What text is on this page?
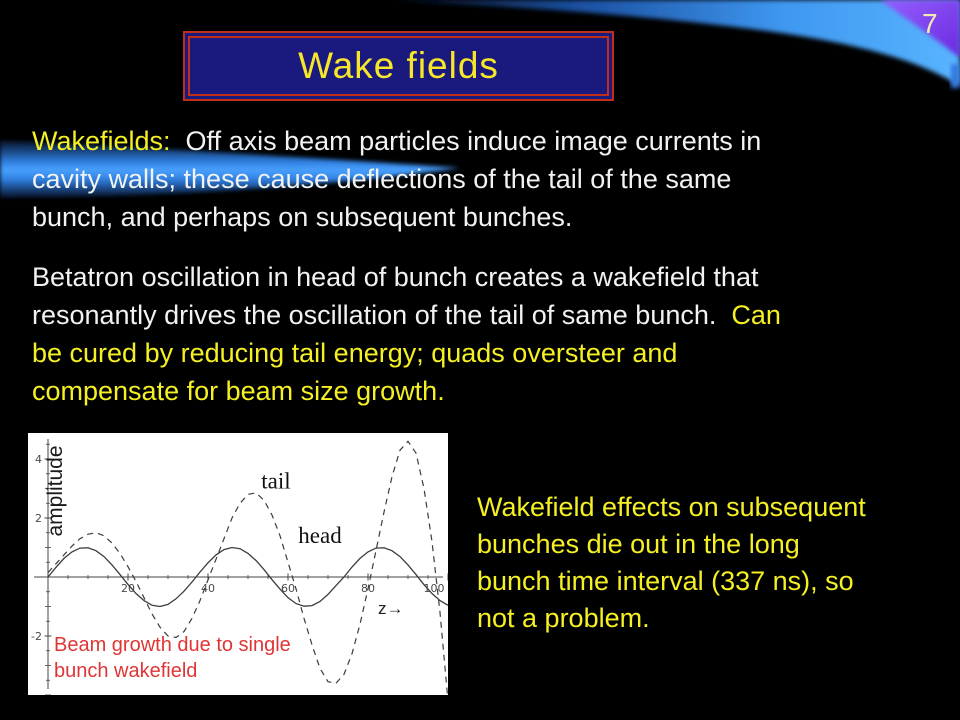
7
Wake fields
Wakefields:  Off axis beam particles induce image currents in
cavity walls; these cause deflections of the tail of the same
bunch, and perhaps on subsequent bunches.
Betatron oscillation in head of bunch creates a wakefield that
resonantly drives the oscillation of the tail of same bunch.  Can
be cured by reducing tail energy; quads oversteer and
compensate for beam size growth.
Wakefield effects on subsequent
bunches die out in the long
bunch time interval (337 ns), so
not a problem.
20	40	60	80	100
4
2
-2
tail
head
amplitude
z→
Beam growth due to single
bunch wakefield
